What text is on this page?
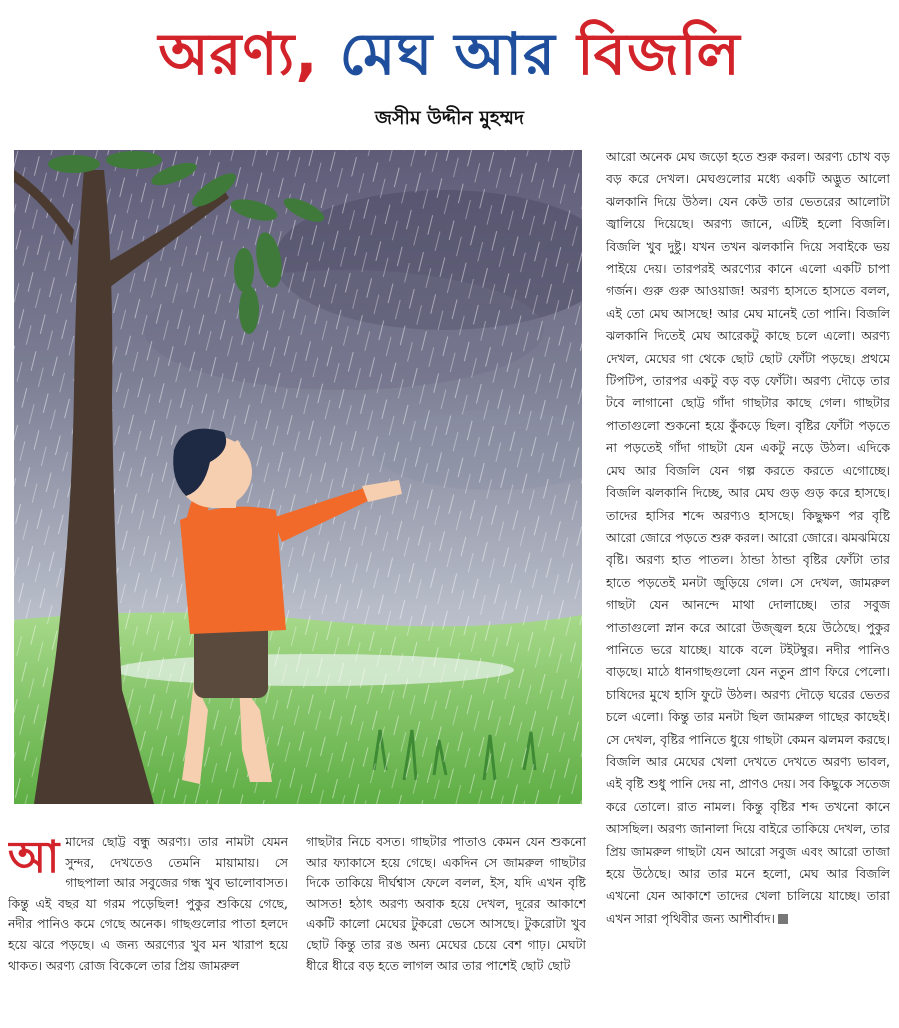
অরণ্য, মেঘ আর বিজলি
জসীম উদ্দীন মুহম্মদ
আ মাদের ছোট্ট বন্ধু অরণ্য। তার নামটা যেমন সুন্দর, দেখতেও তেমনি মায়ামায়। সে গাছপালা আর সবুজের গন্ধ খুব ভালোবাসত। কিন্তু এই বছর যা গরম পড়েছিল! পুকুর শুকিয়ে গেছে, নদীর পানিও কমে গেছে অনেক। গাছগুলোর পাতা হলদে হয়ে ঝরে পড়ছে। এ জন্য অরণ্যের খুব মন খারাপ হয়ে থাকত। অরণ্য রোজ বিকেলে তার প্রিয় জামরুল
গাছটার নিচে বসত। গাছটার পাতাও কেমন যেন শুকনো আর ফ্যাকাসে হয়ে গেছে। একদিন সে জামরুল গাছটার দিকে তাকিয়ে দীর্ঘশ্বাস ফেলে বলল, ইস, যদি এখন বৃষ্টি আসত! হঠাৎ অরণ্য অবাক হয়ে দেখল, দূরের আকাশে একটি কালো মেঘের টুকরো ভেসে আসছে। টুকরোটা খুব ছোট কিন্তু তার রঙ অন্য মেঘের চেয়ে বেশ গাঢ়। মেঘটা ধীরে ধীরে বড় হতে লাগল আর তার পাশেই ছোট ছোট
আরো অনেক মেঘ জড়ো হতে শুরু করল। অরণ্য চোখ বড় বড় করে দেখল। মেঘগুলোর মধ্যে একটি অদ্ভুত আলো ঝলকানি দিয়ে উঠল। যেন কেউ তার ভেতরের আলোটা জ্বালিয়ে দিয়েছে। অরণ্য জানে, এটিই হলো বিজলি। বিজলি খুব দুষ্টু। যখন তখন ঝলকানি দিয়ে সবাইকে ভয় পাইয়ে দেয়। তারপরই অরণ্যের কানে এলো একটি চাপা গর্জন। গুরু গুরু আওয়াজ! অরণ্য হাসতে হাসতে বলল, এই তো মেঘ আসছে! আর মেঘ মানেই তো পানি। বিজলি ঝলকানি দিতেই মেঘ আরেকটু কাছে চলে এলো। অরণ্য দেখল, মেঘের গা থেকে ছোট ছোট ফোঁটা পড়ছে। প্রথমে টিপটিপ, তারপর একটু বড় বড় ফোঁটা। অরণ্য দৌড়ে তার টবে লাগানো ছোট্ট গাঁদা গাছটার কাছে গেল। গাছটার পাতাগুলো শুকনো হয়ে কুঁকড়ে ছিল। বৃষ্টির ফোঁটা পড়তে না পড়তেই গাঁদা গাছটা যেন একটু নড়ে উঠল। এদিকে মেঘ আর বিজলি যেন গল্প করতে করতে এগোচ্ছে। বিজলি ঝলকানি দিচ্ছে, আর মেঘ গুড় গুড় করে হাসছে। তাদের হাসির শব্দে অরণ্যও হাসছে। কিছুক্ষণ পর বৃষ্টি আরো জোরে পড়তে শুরু করল। আরো জোরে। ঝমঝমিয়ে বৃষ্টি। অরণ্য হাত পাতল। ঠান্ডা ঠান্ডা বৃষ্টির ফোঁটা তার হাতে পড়তেই মনটা জুড়িয়ে গেল। সে দেখল, জামরুল গাছটা যেন আনন্দে মাথা দোলাচ্ছে। তার সবুজ পাতাগুলো স্নান করে আরো উজ্জ্বল হয়ে উঠেছে। পুকুর পানিতে ভরে যাচ্ছে। যাকে বলে টইটম্বুর। নদীর পানিও বাড়ছে। মাঠে ধানগাছগুলো যেন নতুন প্রাণ ফিরে পেলো। চাষিদের মুখে হাসি ফুটে উঠল। অরণ্য দৌড়ে ঘরের ভেতর চলে এলো। কিন্তু তার মনটা ছিল জামরুল গাছের কাছেই। সে দেখল, বৃষ্টির পানিতে ধুয়ে গাছটা কেমন ঝলমল করছে। বিজলি আর মেঘের খেলা দেখতে দেখতে অরণ্য ভাবল, এই বৃষ্টি শুধু পানি দেয় না, প্রাণও দেয়। সব কিছুকে সতেজ করে তোলে। রাত নামল। কিন্তু বৃষ্টির শব্দ তখনো কানে আসছিল। অরণ্য জানালা দিয়ে বাইরে তাকিয়ে দেখল, তার প্রিয় জামরুল গাছটা যেন আরো সবুজ এবং আরো তাজা হয়ে উঠেছে। আর তার মনে হলো, মেঘ আর বিজলি এখনো যেন আকাশে তাদের খেলা চালিয়ে যাচ্ছে। তারা এখন সারা পৃথিবীর জন্য আশীর্বাদ।
